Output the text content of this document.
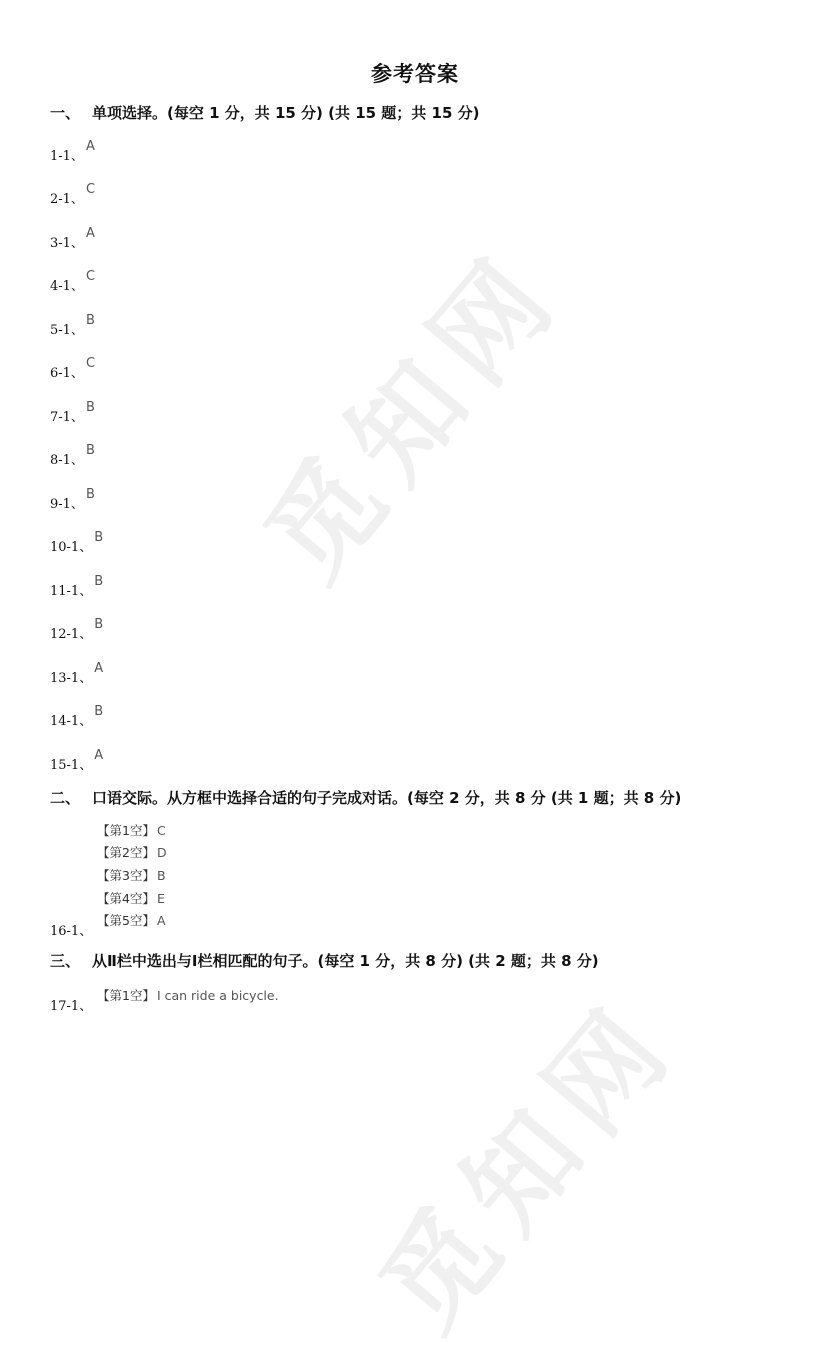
觅知网
觅知网
参考答案
一、 单项选择。(每空 1 分，共 15 分) (共 15 题；共 15 分)
1-1、A
2-1、C
3-1、A
4-1、C
5-1、B
6-1、C
7-1、B
8-1、B
9-1、B
10-1、B
11-1、B
12-1、B
13-1、A
14-1、B
15-1、A
二、 口语交际。从方框中选择合适的句子完成对话。(每空 2 分，共 8 分 (共 1 题；共 8 分)
【第1空】 C
【第2空】 D
【第3空】 B
【第4空】 E
【第5空】 A
16-1、
三、 从Ⅱ栏中选出与Ⅰ栏相匹配的句子。(每空 1 分，共 8 分) (共 2 题；共 8 分)
【第1空】 I can ride a bicycle.
17-1、
